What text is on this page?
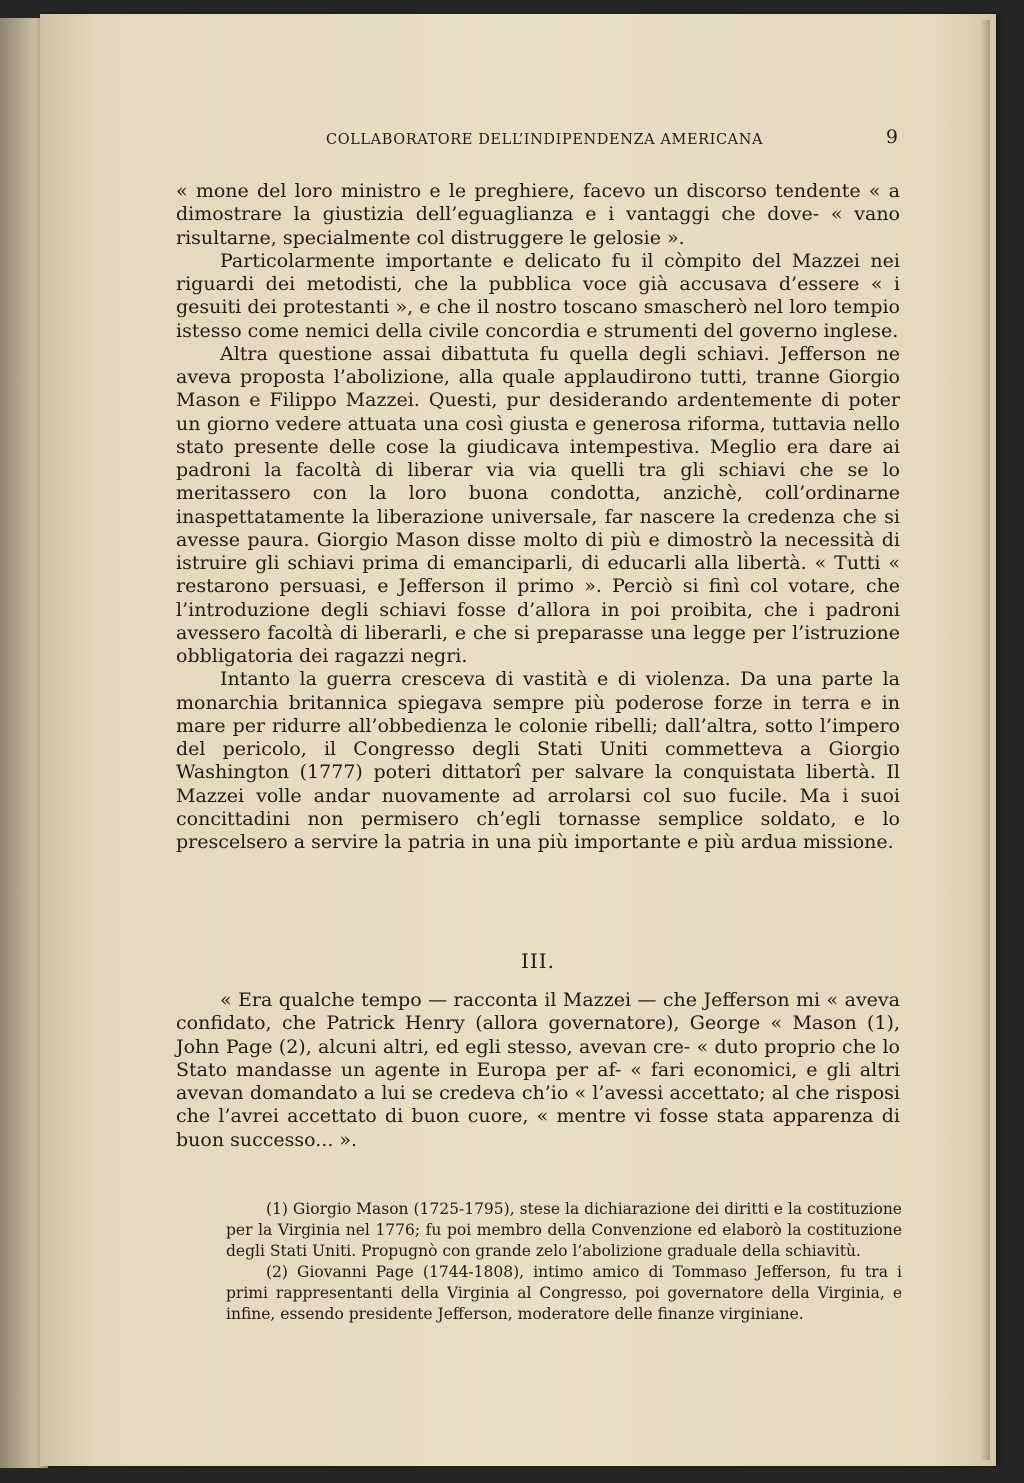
COLLABORATORE DELL’INDIPENDENZA AMERICANA	9

« mone del loro ministro e le preghiere, facevo un discorso tendente « a dimostrare la giustizia dell’eguaglianza e i vantaggi che dove- « vano risultarne, specialmente col distruggere le gelosie ».

Particolarmente importante e delicato fu il còmpito del Mazzei nei riguardi dei metodisti, che la pubblica voce già accusava d’essere « i gesuiti dei protestanti », e che il nostro toscano smascherò nel loro tempio istesso come nemici della civile concordia e strumenti del governo inglese.

Altra questione assai dibattuta fu quella degli schiavi. Jefferson ne aveva proposta l’abolizione, alla quale applaudirono tutti, tranne Giorgio Mason e Filippo Mazzei. Questi, pur desiderando ardentemente di poter un giorno vedere attuata una così giusta e generosa riforma, tuttavia nello stato presente delle cose la giudicava intempestiva. Meglio era dare ai padroni la facoltà di liberar via via quelli tra gli schiavi che se lo meritassero con la loro buona condotta, anzichè, coll’ordinarne inaspettatamente la liberazione universale, far nascere la credenza che si avesse paura. Giorgio Mason disse molto di più e dimostrò la necessità di istruire gli schiavi prima di emanciparli, di educarli alla libertà. « Tutti « restarono persuasi, e Jefferson il primo ». Perciò si finì col votare, che l’introduzione degli schiavi fosse d’allora in poi proibita, che i padroni avessero facoltà di liberarli, e che si preparasse una legge per l’istruzione obbligatoria dei ragazzi negri.

Intanto la guerra cresceva di vastità e di violenza. Da una parte la monarchia britannica spiegava sempre più poderose forze in terra e in mare per ridurre all’obbedienza le colonie ribelli; dall’altra, sotto l’impero del pericolo, il Congresso degli Stati Uniti commetteva a Giorgio Washington (1777) poteri dittatorî per salvare la conquistata libertà. Il Mazzei volle andar nuovamente ad arrolarsi col suo fucile. Ma i suoi concittadini non permisero ch’egli tornasse semplice soldato, e lo prescelsero a servire la patria in una più importante e più ardua missione.

III.

« Era qualche tempo — racconta il Mazzei — che Jefferson mi « aveva confidato, che Patrick Henry (allora governatore), George « Mason (1), John Page (2), alcuni altri, ed egli stesso, avevan cre- « duto proprio che lo Stato mandasse un agente in Europa per af- « fari economici, e gli altri avevan domandato a lui se credeva ch’io « l’avessi accettato; al che risposi che l’avrei accettato di buon cuore, « mentre vi fosse stata apparenza di buon successo... ».

(1) Giorgio Mason (1725-1795), stese la dichiarazione dei diritti e la costituzione per la Virginia nel 1776; fu poi membro della Convenzione ed elaborò la costituzione degli Stati Uniti. Propugnò con grande zelo l’abolizione graduale della schiavitù.

(2) Giovanni Page (1744-1808), intimo amico di Tommaso Jefferson, fu tra i primi rappresentanti della Virginia al Congresso, poi governatore della Virginia, e infine, essendo presidente Jefferson, moderatore delle finanze virginiane.
